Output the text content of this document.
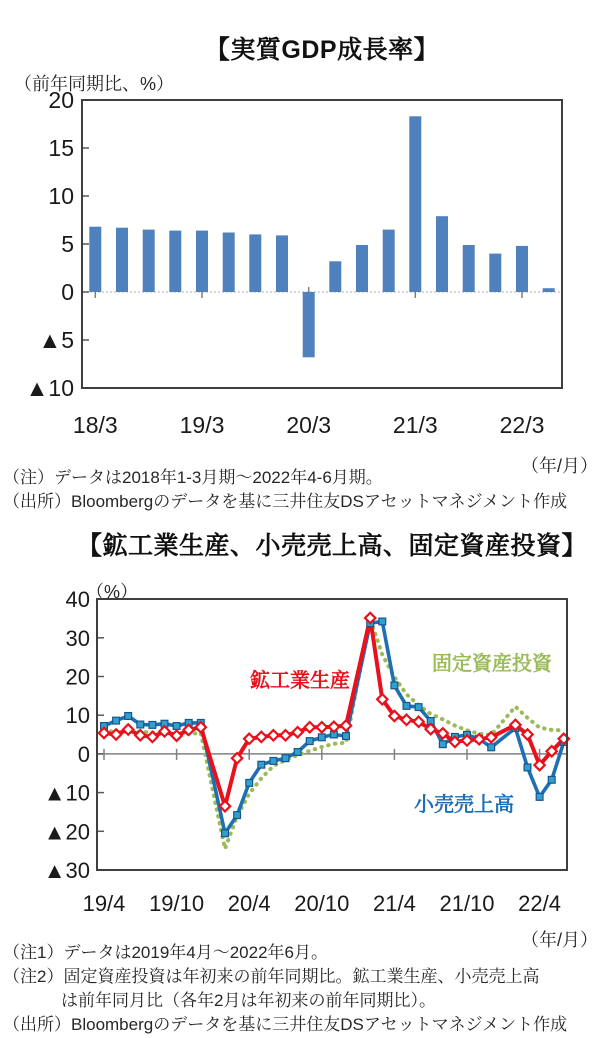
【実質GDP成長率】
（前年同期比、%）
20
15
10
5
0
▲5
▲10
18/3	19/3	20/3	21/3	22/3
（年/月）
（注）データは2018年1-3月期～2022年4-6月期。
（出所）Bloombergのデータを基に三井住友DSアセットマネジメント作成
【鉱工業生産、小売売上高、固定資産投資】
（%）
40
30
20
10
0
▲10
▲20
▲30
19/4 19/10 20/4 20/10 21/4 21/10 22/4
鉱工業生産
固定資産投資
小売売上高
（年/月）
（注1）データは2019年4月～2022年6月。
（注2）固定資産投資は年初来の前年同期比。鉱工業生産、小売売上高
は前年同月比（各年2月は年初来の前年同期比）。
（出所）Bloombergのデータを基に三井住友DSアセットマネジメント作成
